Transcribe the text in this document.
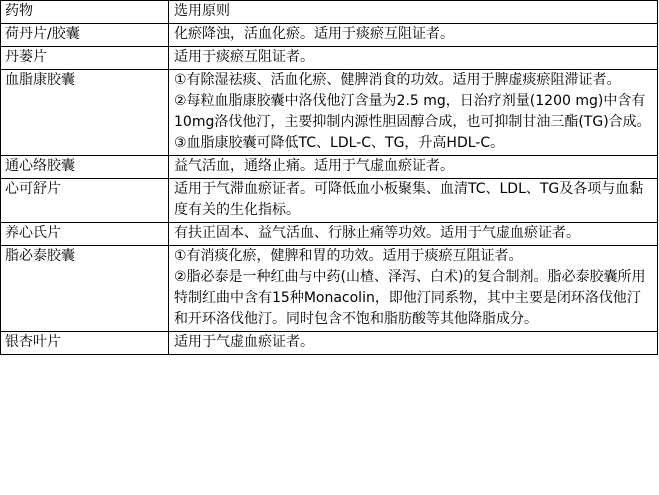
药物	选用原则
荷丹片/胶囊	化瘀降浊，活血化瘀。适用于痰瘀互阻证者。

丹蒌片	适用于痰瘀互阻证者。

血脂康胶囊	①有除湿祛痰、活血化瘀、健脾消食的功效。适用于脾虚痰瘀阻滞证者。

②每粒血脂康胶囊中洛伐他汀含量为2.5 mg，日治疗剂量(1200 mg)中含有10mg洛伐他汀，主要抑制内源性胆固醇合成，也可抑制甘油三酯(TG)合成。

③血脂康胶囊可降低TC、LDL-C、TG，升高HDL-C。

通心络胶囊	益气活血，通络止痛。适用于气虚血瘀证者。

心可舒片	适用于气滞血瘀证者。可降低血小板聚集、血清TC、LDL、TG及各项与血黏度有关的生化指标。

养心氏片	有扶正固本、益气活血、行脉止痛等功效。适用于气虚血瘀证者。

脂必泰胶囊	①有消痰化瘀，健脾和胃的功效。适用于痰瘀互阻证者。

②脂必泰是一种红曲与中药(山楂、泽泻、白术)的复合制剂。脂必泰胶囊所用特制红曲中含有15种Monacolin，即他汀同系物，其中主要是闭环洛伐他汀和开环洛伐他汀。同时包含不饱和脂肪酸等其他降脂成分。

银杏叶片	适用于气虚血瘀证者。
